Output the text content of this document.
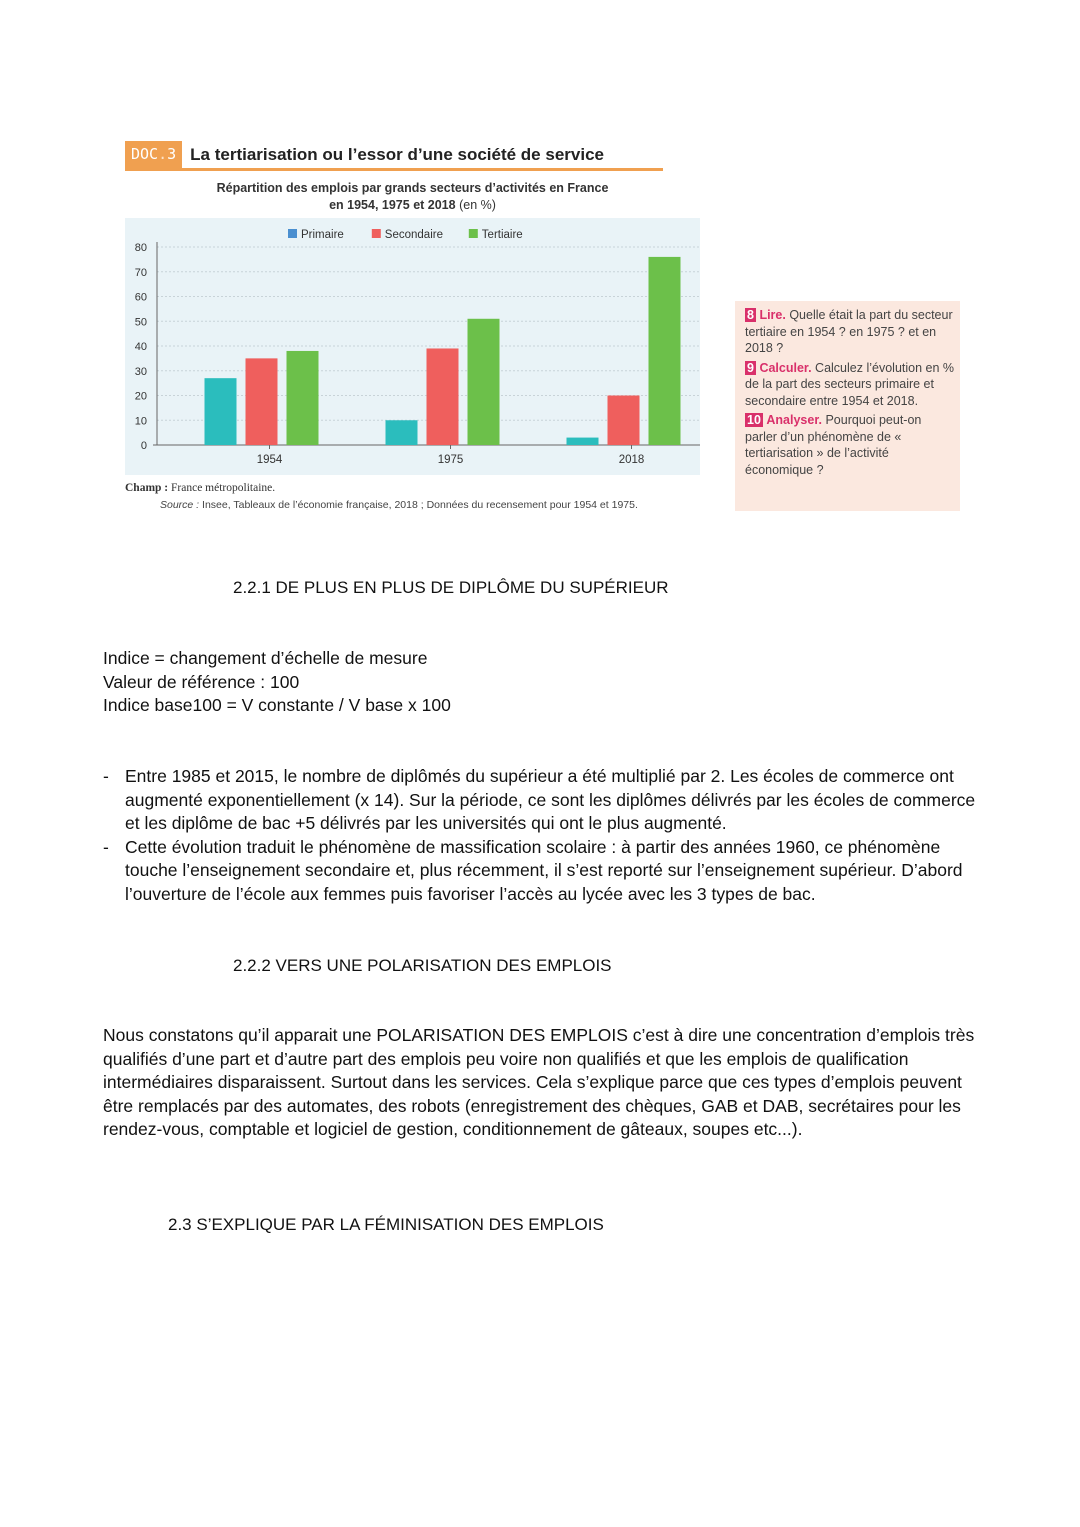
DOC.3 La tertiarisation ou l’essor d’une société de service
Répartition des emplois par grands secteurs d’activités en France
en 1954, 1975 et 2018 (en %)
0
10
20
30
40
50
60
70
80
1954	1975	2018
Primaire	Secondaire	Tertiaire
Champ : France métropolitaine.
Source : Insee, Tableaux de l’économie française, 2018 ; Données du recensement pour 1954 et 1975.
8 Lire. Quelle était la part du secteur tertiaire en 1954 ? en 1975 ? et en 2018 ?
9 Calculer. Calculez l’évolution en % de la part des secteurs primaire et secondaire entre 1954 et 2018.
10 Analyser. Pourquoi peut-on parler d’un phénomène de « tertiarisation » de l’activité économique ?
2.2.1 DE PLUS EN PLUS DE DIPLÔME DU SUPÉRIEUR
Indice = changement d’échelle de mesure
Valeur de référence : 100
Indice base100 = V constante / V base x 100
- Entre 1985 et 2015, le nombre de diplômés du supérieur a été multiplié par 2. Les écoles de commerce ont augmenté exponentiellement (x 14). Sur la période, ce sont les diplômes délivrés par les écoles de commerce et les diplôme de bac +5 délivrés par les universités qui ont le plus augmenté.
- Cette évolution traduit le phénomène de massification scolaire : à partir des années 1960, ce phénomène touche l’enseignement secondaire et, plus récemment, il s’est reporté sur l’enseignement supérieur. D’abord l’ouverture de l’école aux femmes puis favoriser l’accès au lycée avec les 3 types de bac.
2.2.2 VERS UNE POLARISATION DES EMPLOIS
Nous constatons qu’il apparait une POLARISATION DES EMPLOIS c’est à dire une concentration d’emplois très qualifiés d’une part et d’autre part des emplois peu voire non qualifiés et que les emplois de qualification intermédiaires disparaissent. Surtout dans les services. Cela s’explique parce que ces types d’emplois peuvent être remplacés par des automates, des robots (enregistrement des chèques, GAB et DAB, secrétaires pour les rendez-vous, comptable et logiciel de gestion, conditionnement de gâteaux, soupes etc...).
2.3 S’EXPLIQUE PAR LA FÉMINISATION DES EMPLOIS
